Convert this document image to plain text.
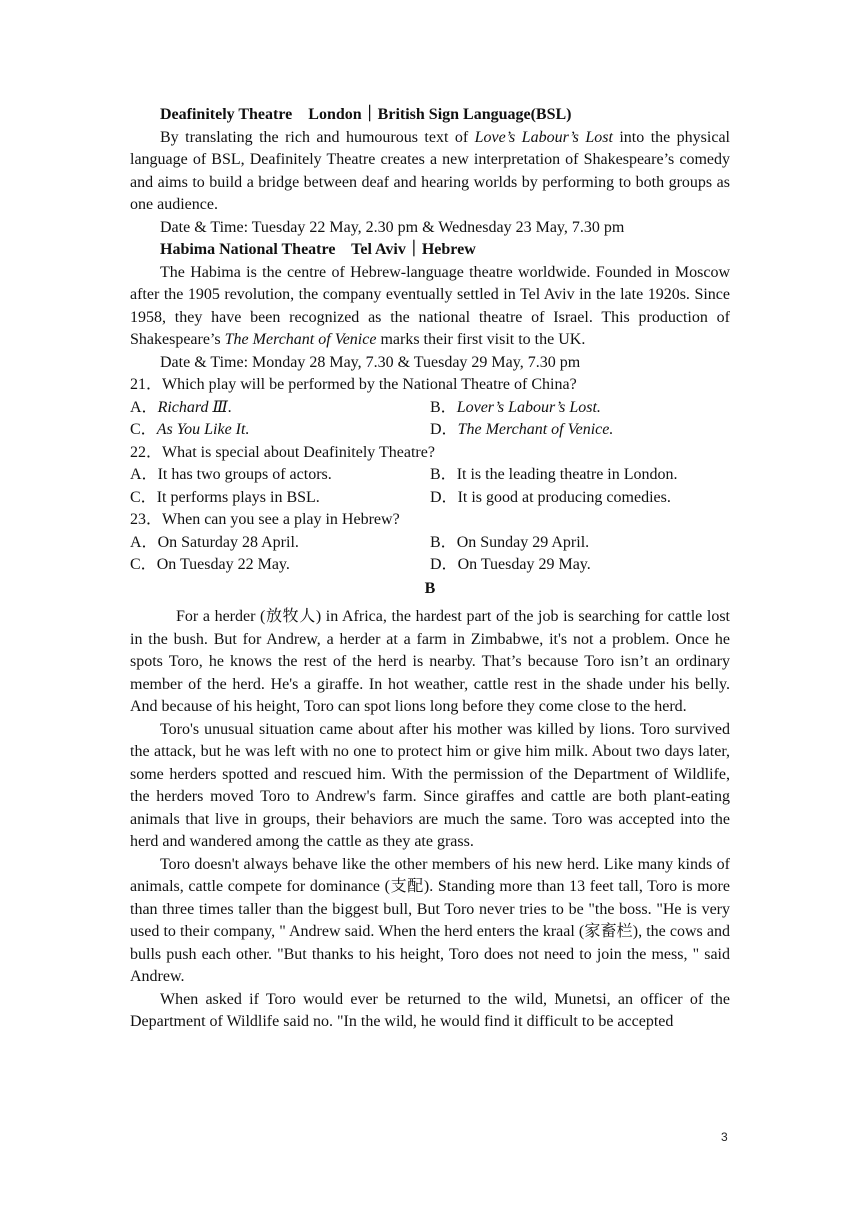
Deafinitely Theatre London｜British Sign Language(BSL)

By translating the rich and humourous text of Love’s Labour’s Lost into the physical language of BSL, Deafinitely Theatre creates a new interpretation of Shakespeare’s comedy and aims to build a bridge between deaf and hearing worlds by performing to both groups as one audience.

Date & Time: Tuesday 22 May, 2.30 pm & Wednesday 23 May, 7.30 pm

Habima National Theatre Tel Aviv｜Hebrew

The Habima is the centre of Hebrew-language theatre worldwide. Founded in Moscow after the 1905 revolution, the company eventually settled in Tel Aviv in the late 1920s. Since 1958, they have been recognized as the national theatre of Israel. This production of Shakespeare’s The Merchant of Venice marks their first visit to the UK.

Date & Time: Monday 28 May, 7.30 & Tuesday 29 May, 7.30 pm

21．Which play will be performed by the National Theatre of China?

A．Richard Ⅲ.	B．Lover’s Labour’s Lost.
C．As You Like It.	D．The Merchant of Venice.

22．What is special about Deafinitely Theatre?

A．It has two groups of actors.	B．It is the leading theatre in London.
C．It performs plays in BSL.	D．It is good at producing comedies.

23．When can you see a play in Hebrew?

A．On Saturday 28 April.	B．On Sunday 29 April.
C．On Tuesday 22 May.	D．On Tuesday 29 May.
B

For a herder (放牧人) in Africa, the hardest part of the job is searching for cattle lost in the bush. But for Andrew, a herder at a farm in Zimbabwe, it's not a problem. Once he spots Toro, he knows the rest of the herd is nearby. That’s because Toro isn’t an ordinary member of the herd. He's a giraffe. In hot weather, cattle rest in the shade under his belly. And because of his height, Toro can spot lions long before they come close to the herd.

Toro's unusual situation came about after his mother was killed by lions. Toro survived the attack, but he was left with no one to protect him or give him milk. About two days later, some herders spotted and rescued him. With the permission of the Department of Wildlife, the herders moved Toro to Andrew's farm. Since giraffes and cattle are both plant-eating animals that live in groups, their behaviors are much the same. Toro was accepted into the herd and wandered among the cattle as they ate grass.

Toro doesn't always behave like the other members of his new herd. Like many kinds of animals, cattle compete for dominance (支配). Standing more than 13 feet tall, Toro is more than three times taller than the biggest bull, But Toro never tries to be "the boss. "He is very used to their company, " Andrew said. When the herd enters the kraal (家畜栏), the cows and bulls push each other. "But thanks to his height, Toro does not need to join the mess, " said Andrew.

When asked if Toro would ever be returned to the wild, Munetsi, an officer of the Department of Wildlife said no. "In the wild, he would find it difficult to be accepted

3
